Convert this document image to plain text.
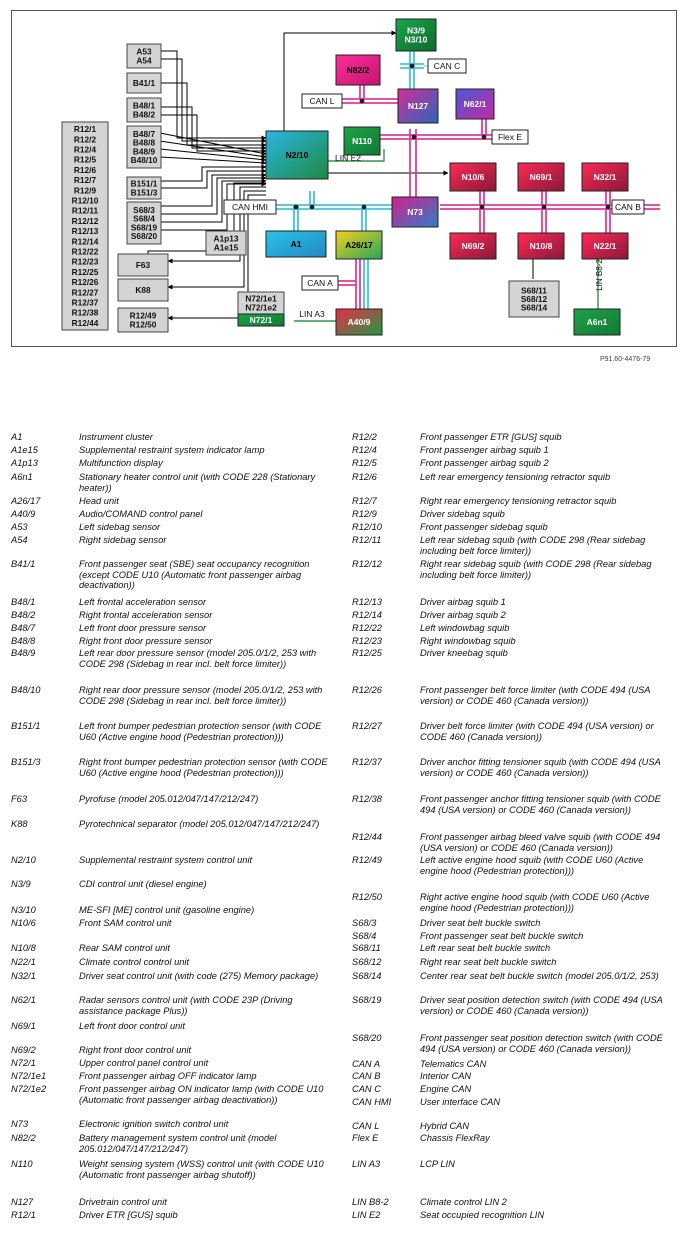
A53
A54
B41/1
B48/1
B48/2
B48/7
B48/8
B48/9
B48/10
B151/1
B151/3
S68/3
S68/4
S68/19
S68/20
R12/1
R12/2
R12/4
R12/5
R12/6
R12/7
R12/9
R12/10
R12/11
R12/12
R12/13
R12/14
R12/22
R12/23
R12/25
R12/26
R12/27
R12/37
R12/38
R12/44
F63
K88
R12/49
R12/50
A1p13
A1e15
N72/1e1
N72/1e2
S68/11
S68/12
S68/14
N3/9
N3/10
N82/2
N127	N62/1
N2/10
N110
N10/6	N69/1	N32/1
N73
A1	A26/17	N69/2	N10/8	N22/1
A40/9
N72/1	A6n1
CAN C
CAN L
Flex E
CAN HMI	CAN B
CAN A
LIN E2
LIN A3
LIN B8-2
P91.60-4476-79
A1	Instrument cluster
A1e15	Supplemental restraint system indicator lamp
A1p13	Multifunction display
A6n1	Stationary heater control unit (with CODE 228 (Stationary heater))
A26/17	Head unit
A40/9	Audio/COMAND control panel
A53	Left sidebag sensor
A54	Right sidebag sensor
B41/1	Front passenger seat (SBE) seat occupancy recognition (except CODE U10 (Automatic front passenger airbag deactivation))
B48/1	Left frontal acceleration sensor
B48/2	Right frontal acceleration sensor
B48/7	Left front door pressure sensor
B48/8	Right front door pressure sensor
B48/9	Left rear door pressure sensor (model 205.0/1/2, 253 with CODE 298 (Sidebag in rear incl. belt force limiter))
B48/10	Right rear door pressure sensor (model 205.0/1/2, 253 with CODE 298 (Sidebag in rear incl. belt force limiter))
B151/1	Left front bumper pedestrian protection sensor (with CODE U60 (Active engine hood (Pedestrian protection)))
B151/3	Right front bumper pedestrian protection sensor (with CODE U60 (Active engine hood (Pedestrian protection)))
F63	Pyrofuse (model 205.012/047/147/212/247)
K88	Pyrotechnical separator (model 205.012/047/147/212/247)
N2/10	Supplemental restraint system control unit
N3/9	CDI control unit (diesel engine)
N3/10	ME-SFI [ME] control unit (gasoline engine)
N10/6	Front SAM control unit
N10/8	Rear SAM control unit
N22/1	Climate control control unit
N32/1	Driver seat control unit (with code (275) Memory package)
N62/1	Radar sensors control unit (with CODE 23P (Driving assistance package Plus))
N69/1	Left front door control unit
N69/2	Right front door control unit
N72/1	Upper control panel control unit
N72/1e1	Front passenger airbag OFF indicator lamp
N72/1e2	Front passenger airbag ON indicator lamp (with CODE U10 (Automatic front passenger airbag deactivation))
N73	Electronic ignition switch control unit
N82/2	Battery management system control unit (model 205.012/047/147/212/247)
N110	Weight sensing system (WSS) control unit (with CODE U10 (Automatic front passenger airbag shutoff))
N127	Drivetrain control unit
R12/1	Driver ETR [GUS] squib
R12/2	Front passenger ETR [GUS] squib
R12/4	Front passenger airbag squib 1
R12/5	Front passenger airbag squib 2
R12/6	Left rear emergency tensioning retractor squib
R12/7	Right rear emergency tensioning retractor squib
R12/9	Driver sidebag squib
R12/10	Front passenger sidebag squib
R12/11	Left rear sidebag squib (with CODE 298 (Rear sidebag including belt force limiter))
R12/12	Right rear sidebag squib (with CODE 298 (Rear sidebag including belt force limiter))
R12/13	Driver airbag squib 1
R12/14	Driver airbag squib 2
R12/22	Left windowbag squib
R12/23	Right windowbag squib
R12/25	Driver kneebag squib
R12/26	Front passenger belt force limiter (with CODE 494 (USA version) or CODE 460 (Canada version))
R12/27	Driver belt force limiter (with CODE 494 (USA version) or CODE 460 (Canada version))
R12/37	Driver anchor fitting tensioner squib (with CODE 494 (USA version) or CODE 460 (Canada version))
R12/38	Front passenger anchor fitting tensioner squib (with CODE 494 (USA version) or CODE 460 (Canada version))
R12/44	Front passenger airbag bleed valve squib (with CODE 494 (USA version) or CODE 460 (Canada version))
R12/49	Left active engine hood squib (with CODE U60 (Active engine hood (Pedestrian protection)))
R12/50	Right active engine hood squib (with CODE U60 (Active engine hood (Pedestrian protection)))
S68/3	Driver seat belt buckle switch
S68/4	Front passenger seat belt buckle switch
S68/11	Left rear seat belt buckle switch
S68/12	Right rear seat belt buckle switch
S68/14	Center rear seat belt buckle switch (model 205.0/1/2, 253)
S68/19	Driver seat position detection switch (with CODE 494 (USA version) or CODE 460 (Canada version))
S68/20	Front passenger seat position detection switch (with CODE 494 (USA version) or CODE 460 (Canada version))
CAN A	Telematics CAN
CAN B	Interior CAN
CAN C	Engine CAN
CAN HMI	User interface CAN
CAN L	Hybrid CAN
Flex E	Chassis FlexRay
LIN A3	LCP LIN
LIN B8-2	Climate control LIN 2
LIN E2	Seat occupied recognition LIN
